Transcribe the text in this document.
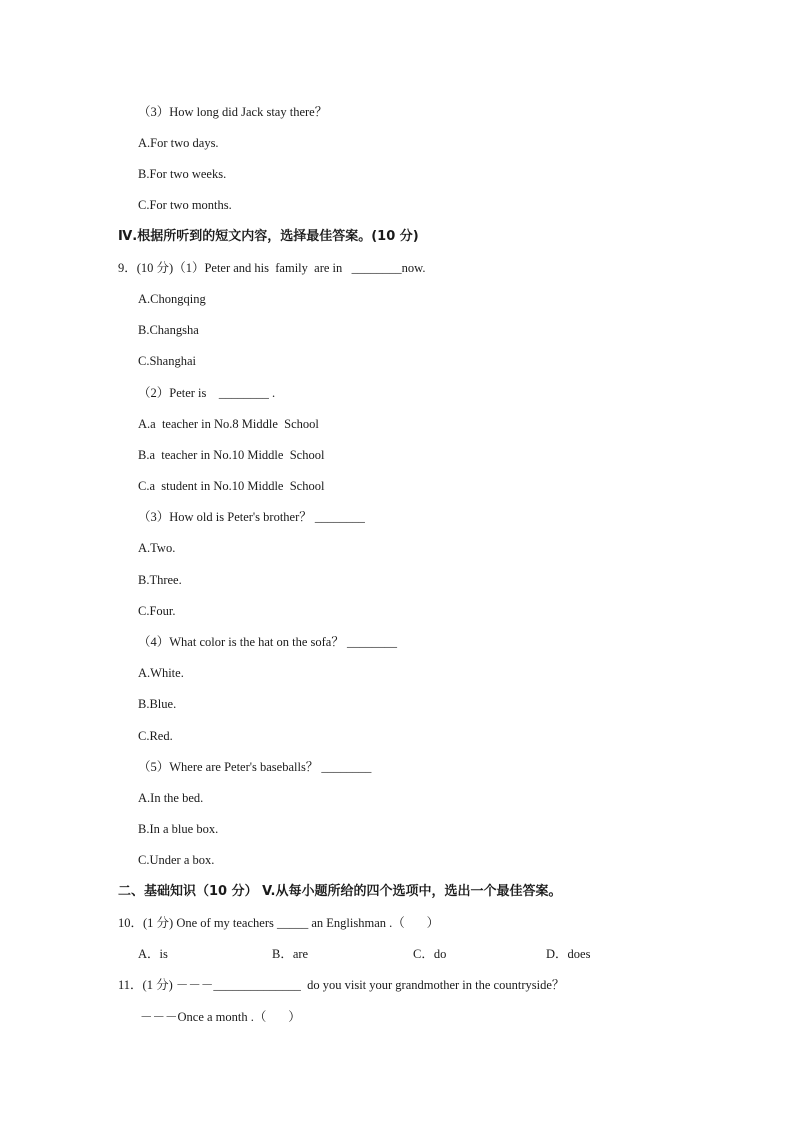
（3）How long did Jack stay there？
A.For two days.
B.For two weeks.
C.For two months.
Ⅳ.根据所听到的短文内容，选择最佳答案。(10 分)
9．(10 分)（1）Peter and his  family  are in   ________now.
A.Chongqing
B.Changsha
C.Shanghai
（2）Peter is    ________ .
A.a  teacher in No.8 Middle  School
B.a  teacher in No.10 Middle  School
C.a  student in No.10 Middle  School
（3）How old is Peter's brother？ ________
A.Two.
B.Three.
C.Four.
（4）What color is the hat on the sofa？ ________
A.White.
B.Blue.
C.Red.
（5）Where are Peter's baseballs？ ________
A.In the bed.
B.In a blue box.
C.Under a box.
二、基础知识（10 分） V.从每小题所给的四个选项中，选出一个最佳答案。
10．(1 分) One of my teachers _____ an Englishman .（       ）
A．is	B．are	C．do	D．does
11．(1 分) －－－______________  do you visit your grandmother in the countryside？
－－－Once a month .（       ）
